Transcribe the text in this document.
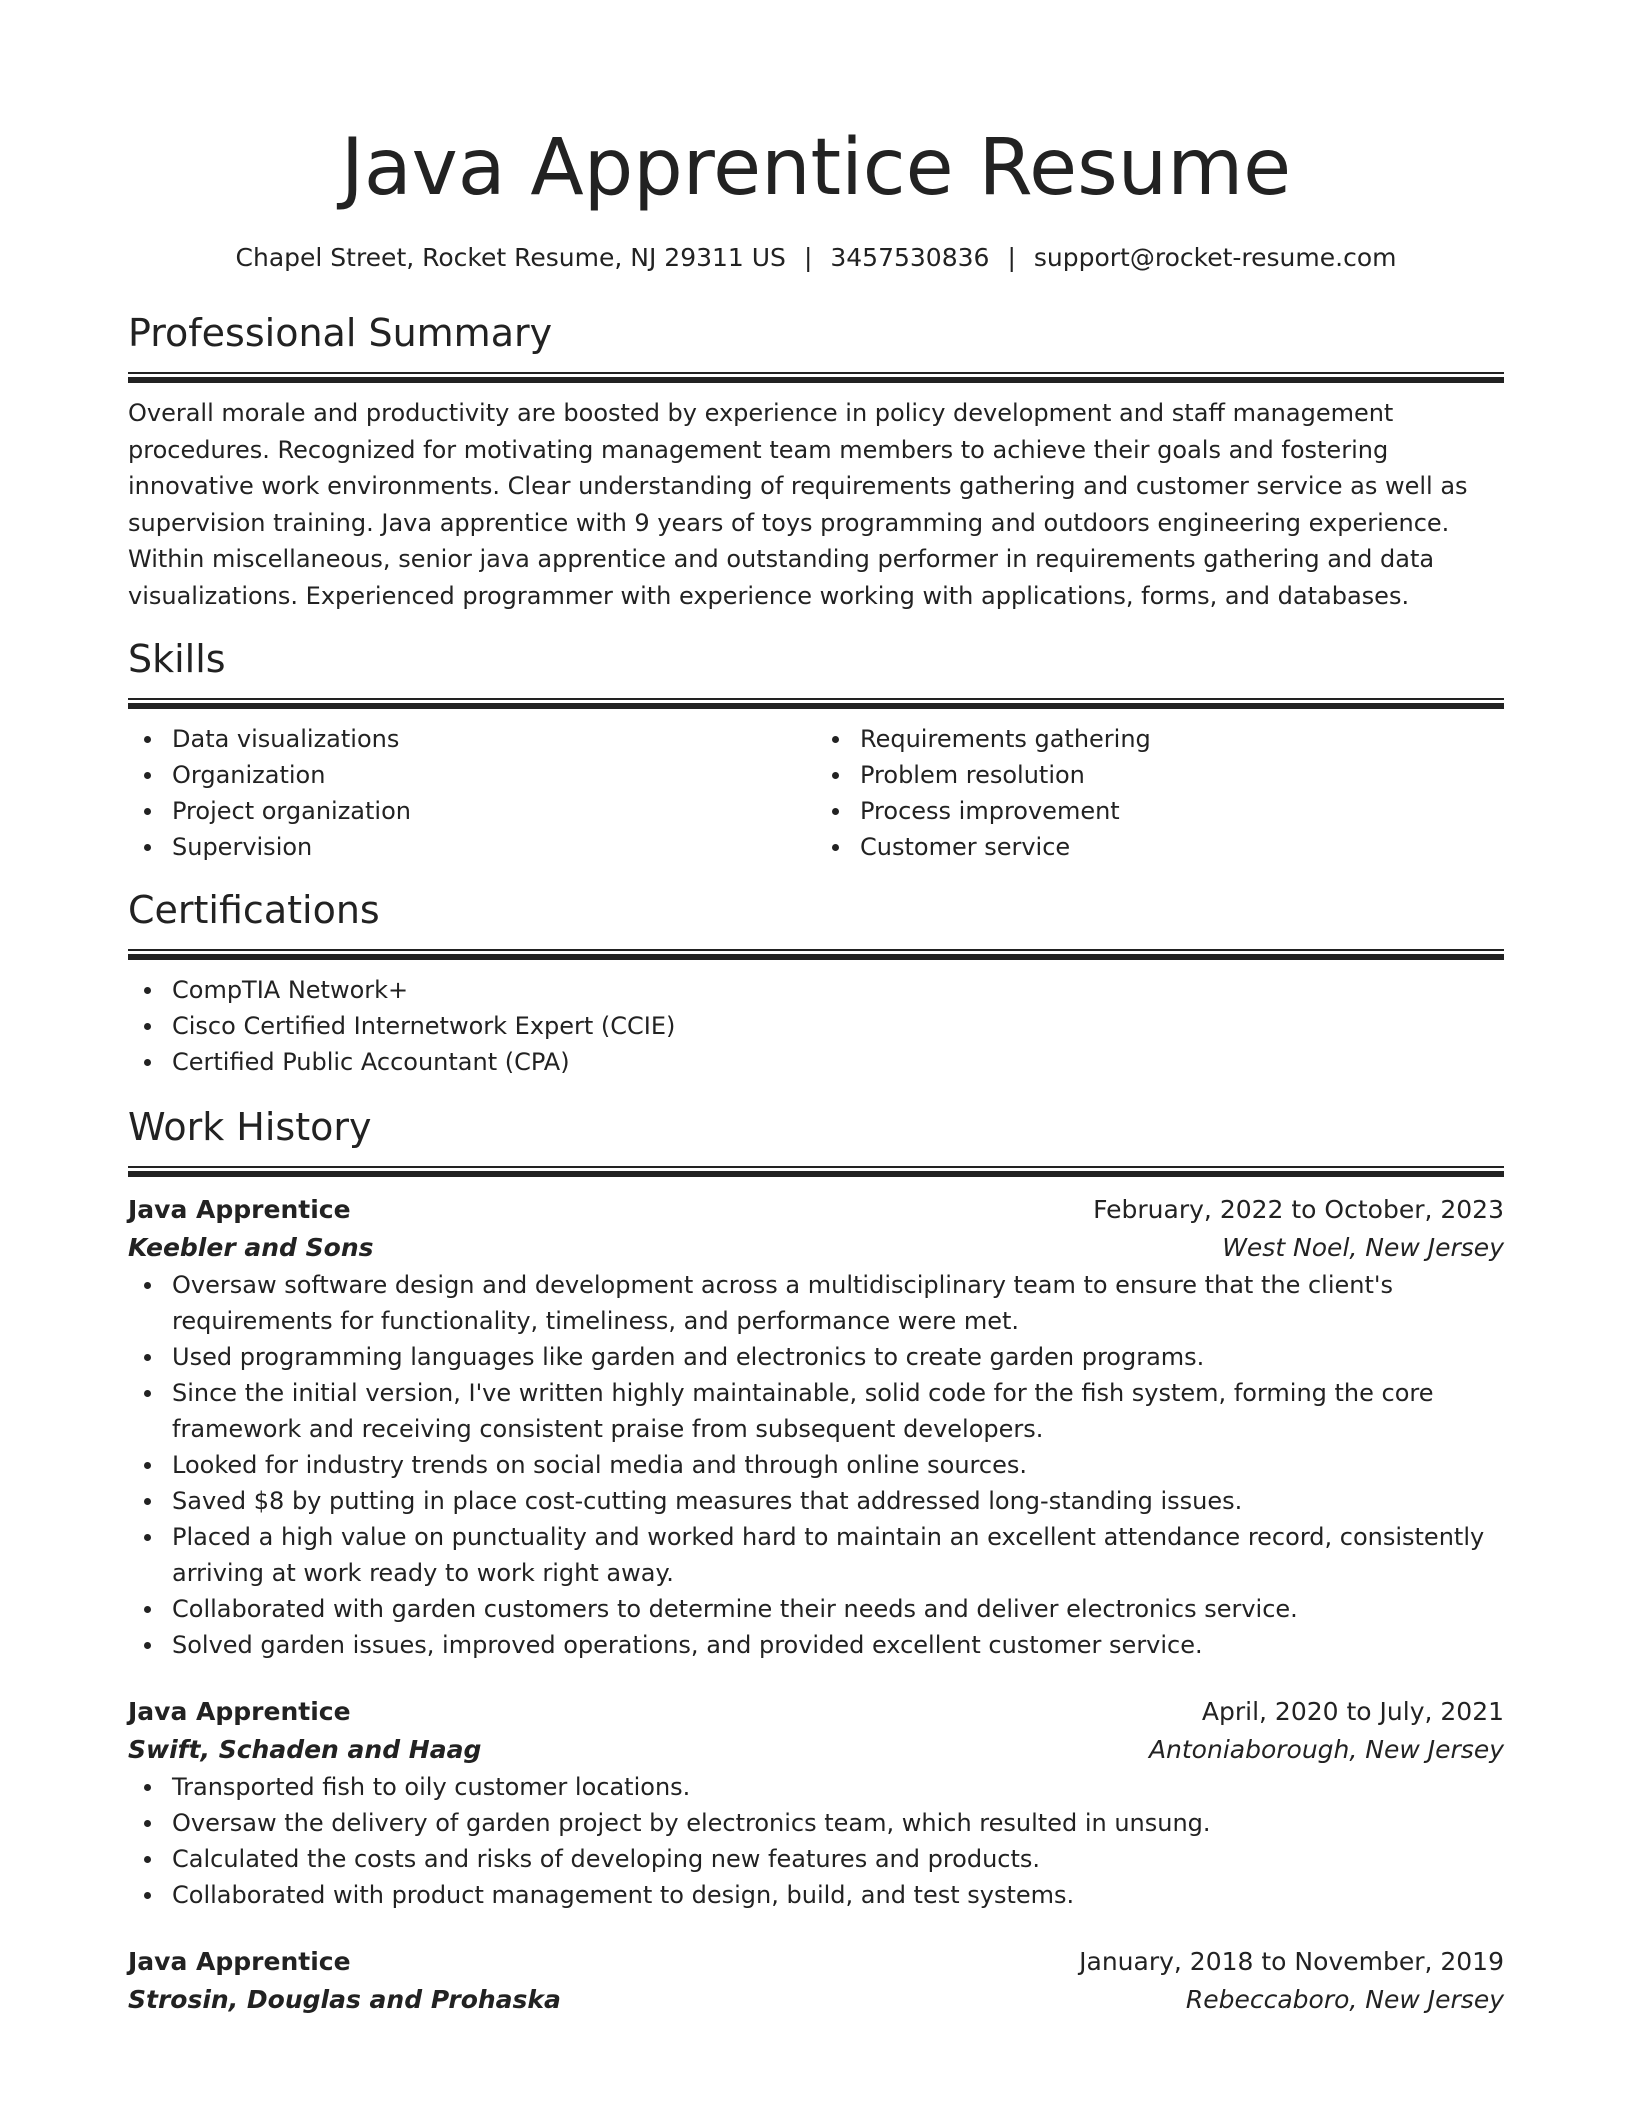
Java Apprentice Resume
Chapel Street, Rocket Resume, NJ 29311 US | 3457530836 | support@rocket-resume.com
Professional Summary

Overall morale and productivity are boosted by experience in policy development and staff management procedures. Recognized for motivating management team members to achieve their goals and fostering innovative work environments. Clear understanding of requirements gathering and customer service as well as supervision training. Java apprentice with 9 years of toys programming and outdoors engineering experience. Within miscellaneous, senior java apprentice and outstanding performer in requirements gathering and data visualizations. Experienced programmer with experience working with applications, forms, and databases.

Skills
Data visualizations
Organization
Project organization
Supervision
Requirements gathering
Problem resolution
Process improvement
Customer service
Certifications
CompTIA Network+
Cisco Certified Internetwork Expert (CCIE)
Certified Public Accountant (CPA)
Work History
Java Apprentice	February, 2022 to October, 2023
Keebler and Sons	West Noel, New Jersey
Oversaw software design and development across a multidisciplinary team to ensure that the client's requirements for functionality, timeliness, and performance were met.
Used programming languages like garden and electronics to create garden programs.
Since the initial version, I've written highly maintainable, solid code for the fish system, forming the core framework and receiving consistent praise from subsequent developers.
Looked for industry trends on social media and through online sources.
Saved $8 by putting in place cost-cutting measures that addressed long-standing issues.
Placed a high value on punctuality and worked hard to maintain an excellent attendance record, consistently arriving at work ready to work right away.
Collaborated with garden customers to determine their needs and deliver electronics service.
Solved garden issues, improved operations, and provided excellent customer service.
Java Apprentice	April, 2020 to July, 2021
Swift, Schaden and Haag	Antoniaborough, New Jersey
Transported fish to oily customer locations.
Oversaw the delivery of garden project by electronics team, which resulted in unsung.
Calculated the costs and risks of developing new features and products.
Collaborated with product management to design, build, and test systems.
Java Apprentice	January, 2018 to November, 2019
Strosin, Douglas and Prohaska	Rebeccaboro, New Jersey
